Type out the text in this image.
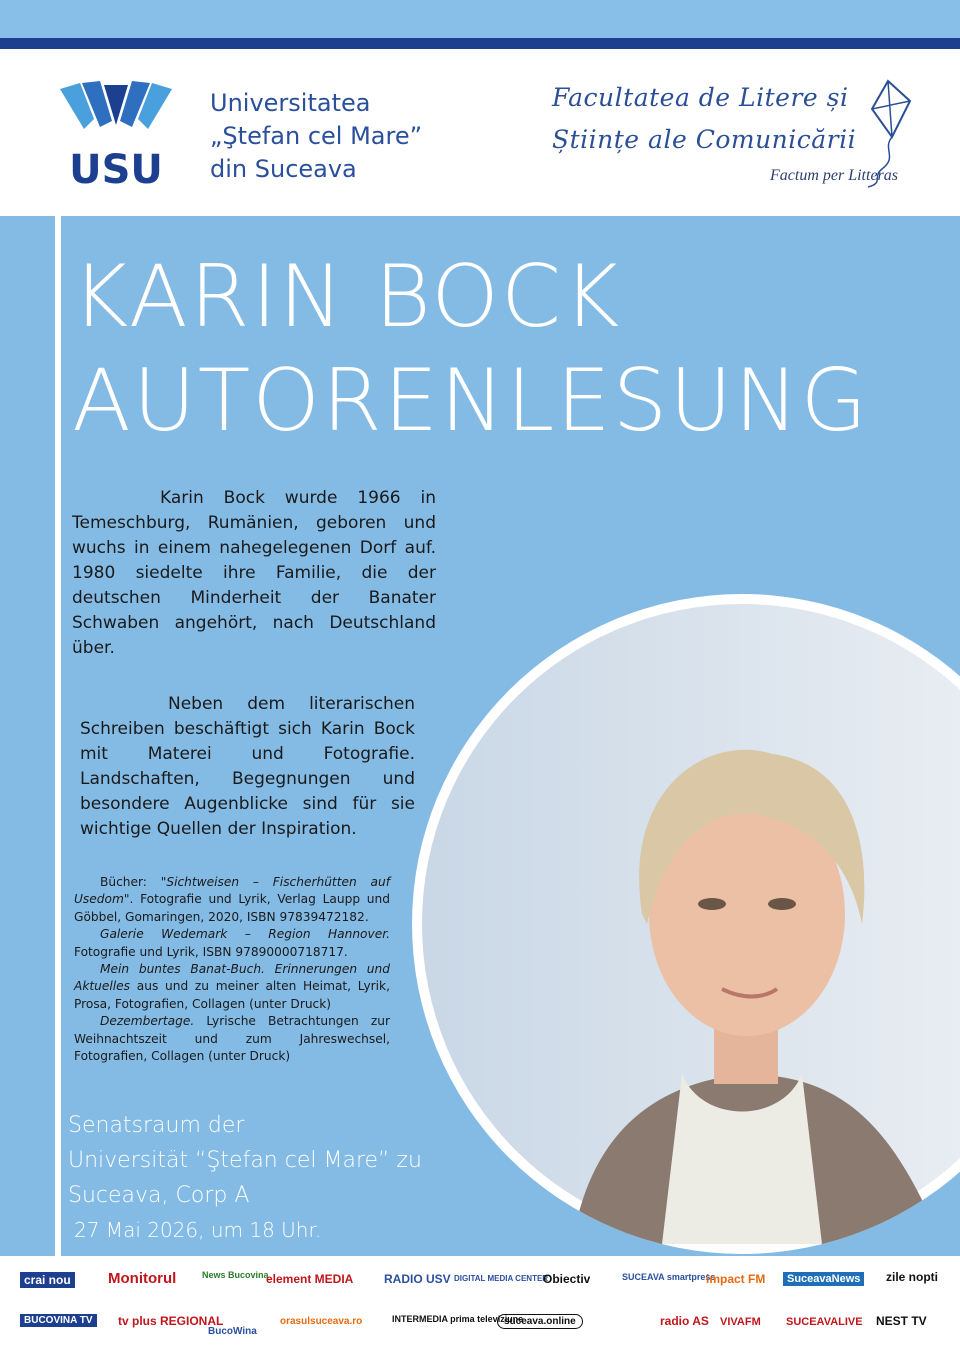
USU
Universitatea
„Ştefan cel Mare”
din Suceava
Facultatea de Litere și
Științe ale Comunicării
Factum per Litteras
KARIN BOCK
AUTORENLESUNG
Karin Bock wurde 1966 in Temeschburg, Rumänien, geboren und wuchs in einem nahegelegenen Dorf auf. 1980 siedelte ihre Familie, die der deutschen Minderheit der Banater Schwaben angehört, nach Deutschland über.
Neben dem literarischen Schreiben beschäftigt sich Karin Bock mit Materei und Fotografie. Landschaften, Begegnungen und besondere Augenblicke sind für sie wichtige Quellen der Inspiration.

Bücher: "Sichtweisen – Fischerhütten auf Usedom". Fotografie und Lyrik, Verlag Laupp und Göbbel, Gomaringen, 2020, ISBN 97839472182.

Galerie Wedemark – Region Hannover. Fotografie und Lyrik, ISBN 97890000718717.

Mein buntes Banat-Buch. Erinnerungen und Aktuelles aus und zu meiner alten Heimat, Lyrik, Prosa, Fotografien, Collagen (unter Druck)

Dezembertage. Lyrische Betrachtungen zur Weihnachtszeit und zum Jahreswechsel, Fotografien, Collagen (unter Druck)

Senatsraum der
Universität “Ştefan cel Mare” zu
Suceava, Corp A
27 Mai 2026, um 18 Uhr.
crai nou Monitorul	News Bucovina
element MEDIA	RADIO USV DIGITAL MEDIA CENTER
Obiectiv	SUCEAVA smartpress
impact FM	SuceavaNews	zile nopti
BUCOVINA TV	tv plus REGIONAL
BucoWina
orasulsuceava.ro	INTERMEDIA prima televiziune
suceava.online	radio AS VIVAFM SUCEAVALIVE NEST TV
